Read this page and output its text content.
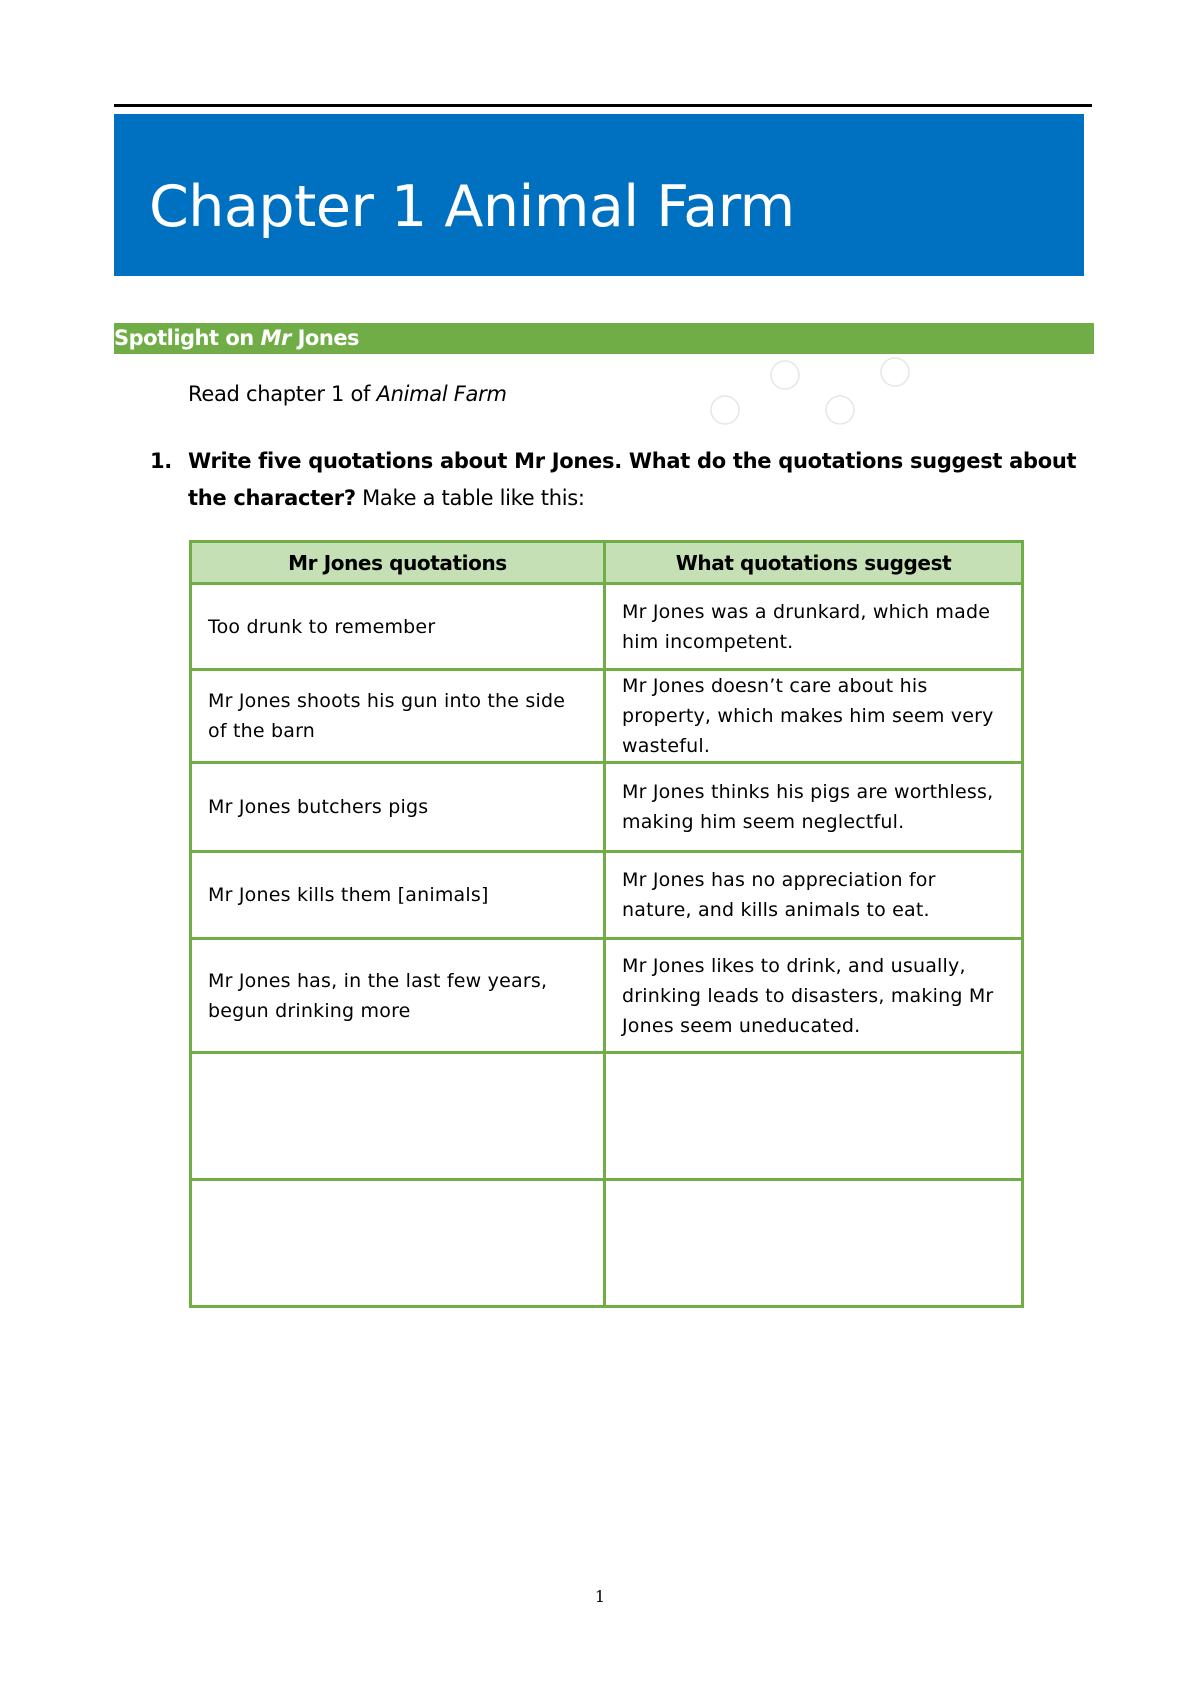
Chapter 1 Animal Farm
Spotlight on Mr Jones
Read chapter 1 of Animal Farm
1. Write five quotations about Mr Jones. What do the quotations suggest about the character? Make a table like this:
Mr Jones quotations	What quotations suggest
Too drunk to remember	Mr Jones was a drunkard, which made him incompetent.
Mr Jones shoots his gun into the side of the barn	Mr Jones doesn’t care about his property, which makes him seem very wasteful.
Mr Jones butchers pigs	Mr Jones thinks his pigs are worthless, making him seem neglectful.
Mr Jones kills them [animals]	Mr Jones has no appreciation for nature, and kills animals to eat.
Mr Jones has, in the last few years, begun drinking more	Mr Jones likes to drink, and usually, drinking leads to disasters, making Mr Jones seem uneducated.

1
